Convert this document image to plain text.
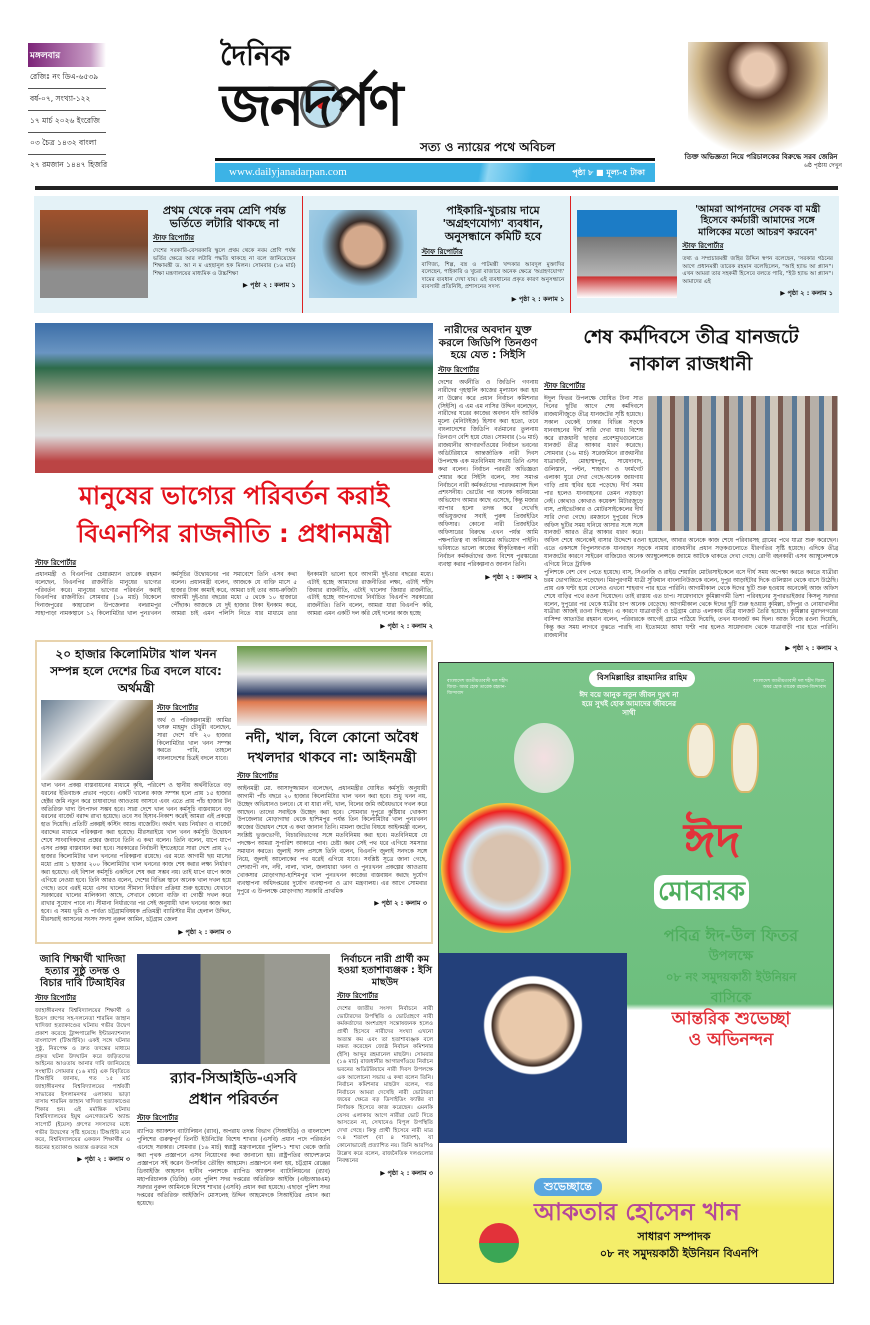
মঙ্গলবার
রেজিঃ নং ডিএ-৬৫৩৯
বর্ষ-০৭, সংখ্যা-১২২
১৭ মার্চ ২০২৬ ইংরেজি
০৩ চৈত্র ১৪৩২ বাংলা
২৭ রমজান ১৪৪৭ হিজরি
দৈনিক
জনদর্পণ
সত্য ও ন্যায়ের পথে অবিচল
www.dailyjanadarpan.com	পৃষ্ঠা ৮ ■ মূল্য-৫ টাকা
তিক্ত অভিজ্ঞতা নিয়ে পরিচালকের বিরুদ্ধে সরব জেরিন
৬ষ্ঠ পৃষ্ঠায় দেখুন
প্রথম থেকে নবম শ্রেণি পর্যন্ত ভর্তিতে লটারি থাকছে না
স্টাফ রিপোর্টার
দেশের সরকারি-বেসরকারি স্কুলে প্রথম থেকে নবম শ্রেণি পর্যন্ত ভর্তির ক্ষেত্রে আর লটারি পদ্ধতি থাকছে না বলে জানিয়েছেন শিক্ষামন্ত্রী ড. আ ন ম এহছানুল হক মিলন। সোমবার (১৬ মার্চ) শিক্ষা মন্ত্রণালয়ের মাধ্যমিক ও উচ্চশিক্ষা
▶ পৃষ্ঠা ২ : কলাম ১
পাইকারি-খুচরায় দামে 'অগ্রহণযোগ্য' ব্যবধান, অনুসন্ধানে কমিটি হবে
স্টাফ রিপোর্টার
বাণিজ্য, শিল্প, বস্ত্র ও পাটমন্ত্রী খন্দকার আবদুল মুক্তাদির বলেছেন, পাইকারি ও খুচরা বাজারে অনেক ক্ষেত্রে 'অগ্রহণযোগ্য' দামের ব্যবধান দেখা যায়। এই ব্যবধানের প্রকৃত কারণ অনুসন্ধানে ব্যবসায়ী প্রতিনিধি, প্রশাসনের সদস্য
▶ পৃষ্ঠা ২ : কলাম ১
'আমরা আপনাদের সেবক বা মন্ত্রী হিসেবে কর্মচারী আমাদের সঙ্গে মালিকের মতো আচরণ করবেন'
স্টাফ রিপোর্টার
তথ্য ও সম্প্রচারমন্ত্রী জহির উদ্দিন স্বপন বলেছেন, 'সরকার গঠনের আগে প্রধানমন্ত্রী তারেক রহমান বলেছিলেন, "আই হ্যাভ আ প্ল্যান"। এখন আমরা তার সহকর্মী হিসেবে বলতে পারি, "ইউ হ্যাভ আ প্ল্যান"। আমাদের এই
▶ পৃষ্ঠা ২ : কলাম ১
মানুষের ভাগ্যের পরিবর্তন করাই
বিএনপির রাজনীতি : প্রধানমন্ত্রী
স্টাফ রিপোর্টার
প্রধানমন্ত্রী ও বিএনপির চেয়ারম্যান তারেক রহমান বলেছেন, বিএনপির রাজনীতি মানুষের ভাগ্যের পরিবর্তন করে। মানুষের ভাগ্যের পরিবর্তন করাই বিএনপির রাজনীতি। সোমবার (১৬ মার্চ) বিকেলে দিনাজপুরের কাহারোল উপজেলার বলরামপুর সাহাপাড়া নামকস্থানে ১২ কিলোমিটার খাল পুনঃখনন কর্মসূচির উদ্বোধনের পর সমাবেশে তিনি এসব কথা বলেন। প্রধানমন্ত্রী বলেন, আজকে যে ব্যক্তি মাসে ৫ হাজার টাকা কামাই করে, আমরা চাই তার আয়-রুজিটা আগামী দুই-চার বছরের মধ্যে ৫ থেকে ১০ হাজারে পৌঁছাক। আজকে যে দুই হাজার টাকা ইনকাম করে, আমরা চাই এমন পলিসি নিতে যার মাধ্যমে তার ইনকামটা ভালো হবে আগামী দুই-চার বছরের মধ্যে। এটাই হচ্ছে আমাদের রাজনীতির লক্ষ্য, এটাই শহীদ জিয়ার রাজনীতি, এটাই খালেদা জিয়ার রাজনীতি, এটাই হচ্ছে আপনাদের নির্বাচিত বিএনপি সরকারের রাজনীতি। তিনি বলেন, আমরা যারা বিএনপি করি, আমরা এমন একটি দল করি যেই দলের কাজ হচ্ছে
▶ পৃষ্ঠা ২ : কলাম ২
২০ হাজার কিলোমিটার খাল খনন সম্পন্ন হলে দেশের চিত্র বদলে যাবে: অর্থমন্ত্রী
স্টাফ রিপোর্টার
অর্থ ও পরিকল্পনামন্ত্রী আমির খসরু মাহমুদ চৌধুরী বলেছেন, সারা দেশে যদি ২০ হাজার কিলোমিটার খাল খনন সম্পন্ন করতে পারি, তাহলে বাংলাদেশের চিত্রই বদলে যাবে।
খাল খনন প্রকল্প বাস্তবায়নের মাধ্যমে কৃষি, পরিবেশ ও স্থানীয় অর্থনীতিতে বড় ধরনের ইতিবাচক প্রভাব পড়বে। একটি খালের কাজ সম্পন্ন হলে প্রায় ১৫ হাজার হেক্টর জমি নতুন করে চাষাবাদের আওতায় আসবে এবং এতে প্রায় পাঁচ হাজার টন অতিরিক্ত খাদ্য উৎপাদন সম্ভব হবে। সারা দেশে খাল খনন কর্মসূচি বাস্তবায়নে বড় ধরনের বাজেট বরাদ্দ রাখা হয়েছে। তবে সব হিসাব-নিকাশ করেই আমরা এই প্রকল্পে হাত দিয়েছি। প্রতিটি প্রকল্পই কস্টিং অ্যান্ড বাজেটিং। অর্থাৎ খরচ নির্ধারণ ও বাজেট বরাদ্দের মাধ্যমে পরিকল্পনা করা হয়েছে। মীরসরাইয়ে খাল খনন কর্মসূচি উদ্বোধন শেষে সাংবাদিকদের প্রশ্নের জবাবে তিনি এ কথা বলেন। তিনি বলেন, ধাপে ধাপে এসব প্রকল্প বাস্তবায়ন করা হবে। সরকারের নির্বাচনী ইশতেহারে সারা দেশে প্রায় ২০ হাজার কিলোমিটার খাল খননের পরিকল্পনা রয়েছে। এর মধ্যে আগামী ছয় মাসের মধ্যে প্রায় ১ হাজার ২০০ কিলোমিটার খাল খননের কাজ শেষ করার লক্ষ্য নির্ধারণ করা হয়েছে। এই বিশাল কর্মসূচি একদিনে শেষ করা সম্ভব নয়। তাই ধাপে ধাপে কাজ এগিয়ে নেওয়া হবে। তিনি আরও বলেন, দেশের বিভিন্ন স্থানে অনেক খাল দখল হয়ে গেছে। তবে এরই মধ্যে এসব খালের সীমানা নির্ধারণ প্রক্রিয়া শুরু হয়েছে। যেখানে সরকারের খালের মালিকানা আছে, সেখানে কোনো ব্যক্তি বা গোষ্ঠী দখল করে রাখার সুযোগ পাবে না। সীমানা নির্ধারণের পর সেই অনুযায়ী খাল খননের কাজ করা হবে। এ সময় ভূমি ও পার্বত্য চট্টগ্রামবিষয়ক প্রতিমন্ত্রী ব্যারিস্টার মীর হেলাল উদ্দিন, মীরসরাই আসনের সংসদ সদস্য নুরুল আমিন, চট্টগ্রাম জেলা
▶ পৃষ্ঠা ২ : কলাম ৩
নদী, খাল, বিলে কোনো অবৈধ দখলদার থাকবে না: আইনমন্ত্রী
স্টাফ রিপোর্টার
আইনমন্ত্রী মো. আসাদুজ্জামান বলেছেন, প্রধানমন্ত্রীর ঘোষিত কর্মসূচি অনুযায়ী আগামী পাঁচ বছরে ২০ হাজার কিলোমিটার খাল খনন করা হবে। শুধু খনন নয়, উচ্ছেদ অভিযানও চলবে। যে বা যারা নদী, খাল, বিলের জমি অবৈধভাবে দখল করে আছেন। তাদের সবাইকে উচ্ছেদ করা হবে। সোমবার দুপুরে কুষ্টিয়ার খোকসা উপজেলার মোড়াগাছা থেকে হাশিমপুর পর্যন্ত তিন কিলোমিটার খাল পুনঃখনন কাজের উদ্বোধন শেষে এ কথা জানান তিনি। মামলা জটের বিষয়ে আইনমন্ত্রী বলেন, সংশ্লিষ্ট ভুক্তভোগী, বিচারবিভাগের সঙ্গে মতবিনিময় করা হবে। মতবিনিময়ে যে পদক্ষেপ আমরা সুপারিশ আকারে পাব। চেষ্টা করব সেই পথ ধরে এগিয়ে সমস্যার সমাধান করতে। জুলাই সনদ প্রসঙ্গে তিনি বলেন, বিএনপি জুলাই সনদকে সঙ্গে নিয়ে, জুলাই আলোকের পথ ধরেই এগিয়ে যাবে। সংশ্লিষ্ট সূত্রে জানা গেছে, দেশব্যাপী নদ, নদী, নালা, খাল, জলাধারা খনন ও পুনঃখনন প্রকল্পের আওতায় খোকসার মোড়াগাছা-হাশিমপুর খাল পুনঃখনন কাজের বাস্তবায়ন করছে দুর্যোগ ব্যবস্থাপনা অধিদপ্তরের দুর্যোগ ব্যবস্থাপনা ও ত্রাণ মন্ত্রণালয়। এর আগে সোমবার দুপুরে এ উপলক্ষে মোড়াগাছা সরকারি প্রাথমিক
▶ পৃষ্ঠা ২ : কলাম ৩
জাবি শিক্ষার্থী খাদিজা হত্যার সুষ্ঠু তদন্ত ও বিচার দাবি টিআইবির
স্টাফ রিপোর্টার
জাহাঙ্গীরনগর বিশ্ববিদ্যালয়ের শিক্ষার্থী ও ইয়েস গ্রুপের সহ-দলনেতা শারমিন জাহান খাদিজা হত্যাকাণ্ডের ঘটনায় গভীর উদ্বেগ প্রকাশ করেছে ট্রান্সপারেন্সি ইন্টারন্যাশনাল বাংলাদেশ (টিআইবি)। একই সঙ্গে ঘটনার সুষ্ঠু, নিরপেক্ষ ও দ্রুত তদন্তের মাধ্যমে প্রকৃত ঘটনা উদঘাটন করে জড়িতদের আইনের আওতায় আনার দাবি জানিয়েছে সংস্থাটি। সোমবার (১৬ মার্চ) এক বিবৃতিতে টিআইবি জানায়, গত ১৫ মার্চ জাহাঙ্গীরনগর বিশ্ববিদ্যালয়ের পার্শ্ববর্তী সাভারের ইসলামনগর এলাকায় ভাড়া বাসায় শারমিন জাহান খাদিজা হত্যাকাণ্ডের শিকার হন। এই মর্মান্তিক ঘটনায় বিশ্ববিদ্যালয়ের ইয়ুথ এনগেজমেন্ট অ্যান্ড সাপোর্ট (ইয়েস) গ্রুপের সদস্যদের মধ্যে গভীর উদ্বেগের সৃষ্টি হয়েছে। টিআইবি মনে করে, বিশ্ববিদ্যালয়ের একজন শিক্ষার্থীর এ ধরনের হত্যাকাণ্ড অত্যন্ত গুরুতর সঙ্গে
▶ পৃষ্ঠা ২ : কলাম ৩
র‍্যাব-সিআইডি-এসবি
প্রধান পরিবর্তন
স্টাফ রিপোর্টার
র‍্যাপিড অ্যাকশন ব্যাটালিয়ন (র‍্যাব), অপরাধ তদন্ত বিভাগ (সিআইডি) ও বাংলাদেশ পুলিশের গুরুত্বপূর্ণ তিনটি ইউনিটের বিশেষ শাখার (এসবি) প্রধান পদে পরিবর্তন এনেছে সরকার। সোমবার (১৬ মার্চ) স্বরাষ্ট্র মন্ত্রণালয়ের পুলিশ-১ শাখা থেকে জারি করা পৃথক প্রজ্ঞাপনে এসব নিয়োগের কথা জানানো হয়। রাষ্ট্রপতির আদেশক্রমে প্রজ্ঞাপনে সই করেন উপসচিব তৌহিদ আহমেদ। প্রজ্ঞাপনে বলা হয়, চট্টগ্রাম রেঞ্জের ডিআইজি আহসান হাবীব পলাশকে র‍্যাপিড অ্যাকশন ব্যাটালিয়নের (র‍্যাব) মহাপরিচালক (ডিজি) এবং পুলিশ সদর দপ্তরের অতিরিক্ত আইজি (এইচআরএম) সরদার নুরুল আমিনকে বিশেষ শাখার (এসবি) প্রধান করা হয়েছে। এছাড়া পুলিশ সদর দপ্তরের অতিরিক্ত আইজিপি মোসলেহ উদ্দিন আহমেদকে সিআইডির প্রধান করা হয়েছে।
নির্বাচনে নারী প্রার্থী কম হওয়া হতাশাব্যঞ্জক : ইসি মাছউদ
স্টাফ রিপোর্টার
দেশের জাতীয় সংসদ নির্বাচনে নারী ভোটারদের উপস্থিতি ও ভোটগ্রহণে নারী কর্মকর্তাদের অংশগ্রহণ সন্তোষজনক হলেও প্রার্থী হিসেবে নারীদের সংখ্যা এখনো অত্যন্ত কম এবং তা হতাশাব্যঞ্জক বলে মন্তব্য করেছেন জ্যেষ্ঠ নির্বাচন কমিশনার (ইসি) আব্দুর রহমানেল মাছউদ। সোমবার (১৬ মার্চ) রাজধানীর আগারগাঁওয়ে নির্বাচন ভবনের অডিটরিয়ামে নারী দিবস উপলক্ষে এক আলোচনা সভায় এ কথা বলেন তিনি। নির্বাচন কমিশনার মাছউদ বলেন, গত নির্বাচনে আমরা দেখেছি নারী ভোটাররা জয়ের ক্ষেত্রে বড় ডিসাইডিং ফ্যাক্টর বা নির্ণায়ক হিসেবে কাজ করেছেন। এমনকি যেসব এলাকায় আগে নারীরা ভোট দিতে আসতেন না, সেখানেও বিপুল উপস্থিতি দেখা গেছে। কিন্তু প্রার্থী হিসেবে নারী মাত্র ৩.৪ শতাংশ (বা ৪ শতাংশ), যা কোনোভাবেই প্রত্যাশিত নয়। তিনি আরপিও উল্লেখ করে বলেন, রাজনৈতিক দলগুলোর নিবন্ধনের
▶ পৃষ্ঠা ২ : কলাম ৩
নারীদের অবদান যুক্ত করলে জিডিপি তিনগুণ হয়ে যেত : সিইসি
স্টাফ রিপোর্টার
দেশের অর্থনীতি ও জিডিপি গণনায় নারীদের গৃহস্থালি কাজের মূল্যায়ন করা হয় না উল্লেখ করে প্রধান নির্বাচন কমিশনার (সিইসি) এ এম এম নাসির উদ্দিন বলেছেন, নারীদের ঘরের কাজের অবদান যদি আর্থিক মূল্যে (মনিটাইজ) হিসাব করা হতো, তবে বাংলাদেশের জিডিপি বর্তমানের তুলনায় তিনগুণ বেশি হয়ে যেত। সোমবার (১৬ মার্চ) রাজধানীর আগারগাঁওয়ের নির্বাচন ভবনের অডিটরিয়ামে আন্তর্জাতিক নারী দিবস উপলক্ষে এক মতবিনিময় সভায় তিনি এসব কথা বলেন। নির্বাচন পরবর্তী অভিজ্ঞতা শেয়ার করে সিইসি বলেন, সদ্য সমাপ্ত নির্বাচনে নারী কর্মকর্তাদের পারফরম্যান্স ছিল প্রশংসনীয়। ভোটের পর অনেক অনিয়মের অভিযোগ আমার কাছে এসেছে, কিন্তু মজার ব্যাপার হলো তদন্ত করে দেখেছি অভিযুক্তদের সবাই পুরুষ প্রিজাইডিং অফিসার। কোনো নারী প্রিজাইডিং অফিসারের বিরুদ্ধে এখন পর্যন্ত আমি পক্ষপাতিত্ব বা অনিয়মের অভিযোগ পাইনি। ভবিষ্যতে ভালো কাজের স্বীকৃতিস্বরূপ নারী নির্বাচন কর্মকর্তাদের জন্য বিশেষ পুরস্কারের ব্যবস্থা করার পরিকল্পনাও জানান তিনি।
▶ পৃষ্ঠা ২ : কলাম ২
শেষ কর্মদিবসে তীব্র যানজটে
নাকাল রাজধানী
স্টাফ রিপোর্টার
ঈদুল ফিতর উপলক্ষে ঘোষিত টানা সাত দিনের ছুটির আগে শেষ কর্মদিবসে রাজধানীজুড়ে তীব্র যানজটের সৃষ্টি হয়েছে। সকাল থেকেই ঢাকার বিভিন্ন সড়কে যানবাহনের দীর্ঘ সারি দেখা যায়। বিশেষ করে রাজধানী ছাড়ার প্রবেশমুখগুলোতে যানজট তীব্র আকার ধারণ করেছে। সোমবার (১৬ মার্চ) সরেজমিনে রাজধানীর যাত্রাবাড়ী, মোহাম্মদপুর, সায়েদাবাদ, গুলিস্তান, পল্টন, শাহবাগ ও ফার্মগেট এলাকা ঘুরে দেখা গেছে-অনেক জায়গায় গাড়ি প্রায় স্থবির হয়ে পড়েছে। দীর্ঘ সময় পার হলেও যানবাহনের তেমন নড়াচড়া নেই। কোথাও কোথাও কয়েকশ মিটারজুড়ে বাস, প্রাইভেটকার ও মোটরসাইকেলের দীর্ঘ সারি দেখা গেছে। রমজানে দুপুরের দিকে অফিস ছুটির সময় ঘনিয়ে আসার সঙ্গে সঙ্গে যানজট আরও তীব্র আকার ধারণ করে। অফিস শেষে অনেকেই বাসার উদ্দেশে রওনা হয়েছেন, আবার অনেকে কাজ শেষে পরিবারসহ গ্রামের পথে যাত্রা শুরু করেছেন। এতে একসঙ্গে বিপুলসংখ্যক যানবাহন সড়কে নামায় রাজধানীর প্রধান সড়কগুলোতে ধীরগতির সৃষ্টি হয়েছে। এদিকে তীব্র যানজটের কারণে সাইরেন বাজিয়েও অনেক অ্যাম্বুলেন্সকে জ্যামে আটকে থাকতে দেখা গেছে। রোগী বহনকারী এসব অ্যাম্বুলেন্সকে এগিয়ে নিতে ট্রাফিক
পুলিশকে বেশ বেগ পেতে হয়েছে। বাস, সিএনজি ও রাইড শেয়ারিং মোটরসাইকেলে বসে দীর্ঘ সময় অপেক্ষা করতে করতে যাত্রীরা চরম ভোগান্তিতে পড়েছেন। মিরপুরগামী যাত্রী সুফিয়ান বাংলানিউজকে বলেন, দুপুর আড়াইটার দিকে গুলিস্তান থেকে বাসে উঠেছি। প্রায় এক ঘণ্টা হয়ে গেলেও এখনো শাহবাগ পার হতে পারিনি। আগামীকাল থেকে ঈদের ছুটি শুরু হওয়ায় অনেকেই আজ অফিস শেষে বাড়ির পথে রওনা দিয়েছেন। তাই রাস্তায় এত চাপ। সায়েদাবাদে কুমিল্লাগামী তিশা পরিবহনের সুপারভাইজার কিসলু সরদার বলেন, দুপুরের পর থেকে যাত্রীর চাপ অনেক বেড়েছে। আগামীকাল থেকে ঈদের ছুটি শুরু হওয়ায় কুমিল্লা, চাঁদপুর ও নোয়াখালীর যাত্রীরা আজই রওনা দিচ্ছেন। এ কারণে যাত্রাবাড়ী ও চট্টগ্রাম রোড এলাকায় তীব্র যানজট তৈরি হয়েছে। কুমিল্লার মুরাদনগরের বাসিন্দা আতাউর রহমান বলেন, পরিবারকে আগেই গ্রামে পাঠিয়ে দিয়েছি, তখন যানজট কম ছিল। আজ নিজে রওনা দিয়েছি, কিন্তু কত সময় লাগবে বুঝতে পারছি না। ইতোমধ্যে আধা ঘণ্টা পার হলেও সায়েদাবাদ থেকে যাত্রাবাড়ী পার হতে পারিনি। রাজধানীর
▶ পৃষ্ঠা ২ : কলাম ২
বিসমিল্লাহির রাহমানির রাহিম
ঈদ বয়ে আনুক নতুন জীবন দুঃখ না হয়ে সুখই হোক আমাদের জীবনের সাথী
বাংলাদেশ জাতীয়তাবাদী দল শহীদ জিয়া- অমর হোক তারেক রহমান-জিন্দাবাদ
বাংলাদেশ জাতীয়তাবাদী দল শহীদ জিয়া- অমর হোক তারেক রহমান-জিন্দাবাদ
ঈদ
মোবারক
পবিত্র ঈদ-উল ফিতর
উপলক্ষে
০৮ নং সমুদয়কাঠী ইউনিয়ন
বাসিকে
আন্তরিক শুভেচ্ছা
ও অভিনন্দন
শুভেচ্ছান্তে
আকতার হোসেন খান
সাধারণ সম্পাদক
০৮ নং সমুদয়কাঠী ইউনিয়ন বিএনপি
